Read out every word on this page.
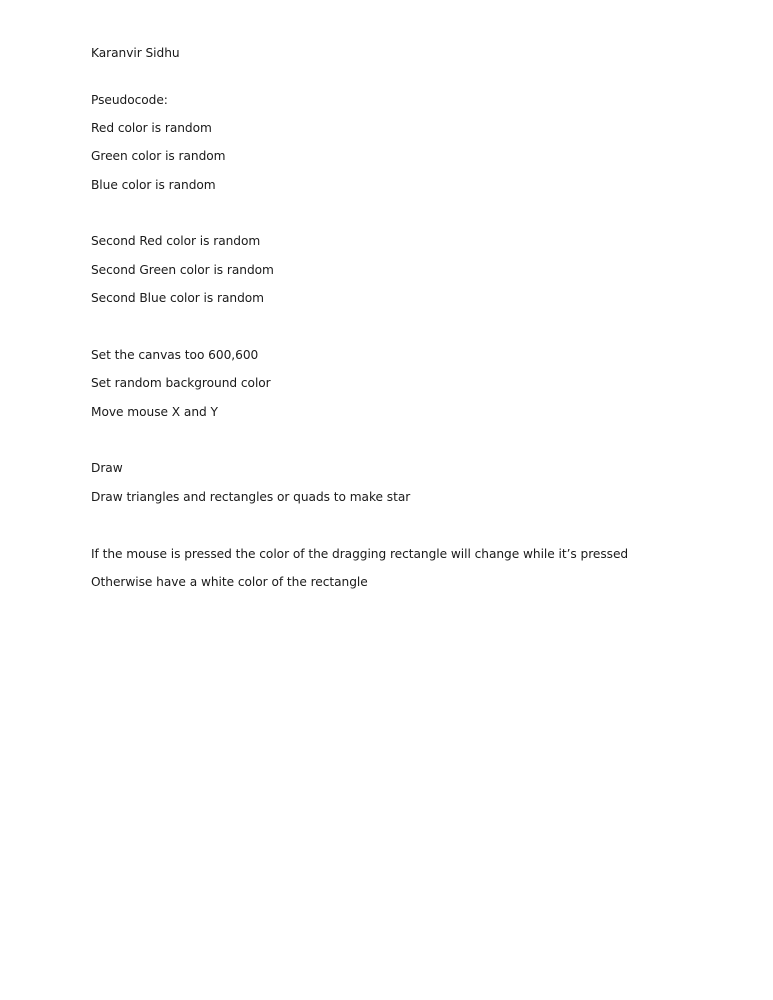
Karanvir Sidhu
Pseudocode:
Red color is random
Green color is random
Blue color is random
Second Red color is random
Second Green color is random
Second Blue color is random
Set the canvas too 600,600
Set random background color
Move mouse X and Y
Draw
Draw triangles and rectangles or quads to make star
If the mouse is pressed the color of the dragging rectangle will change while it’s pressed
Otherwise have a white color of the rectangle
